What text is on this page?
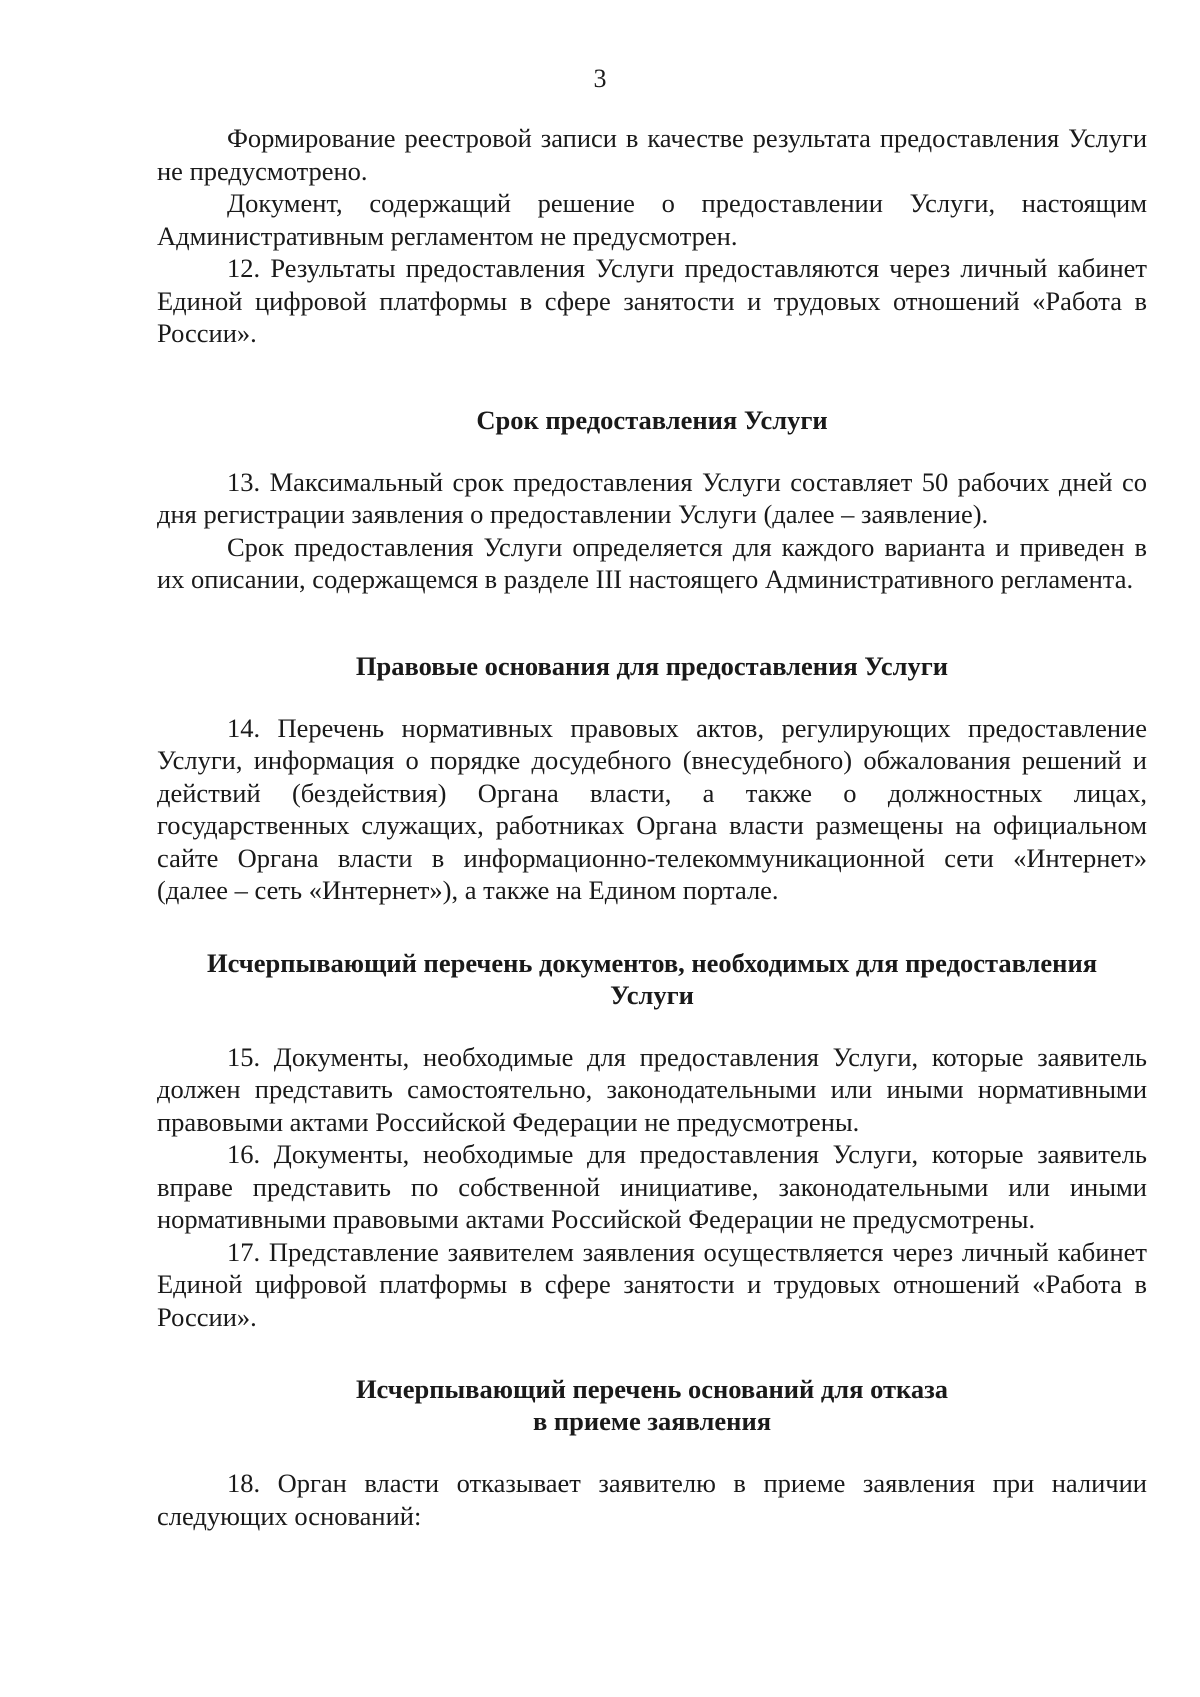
3

Формирование реестровой записи в качестве результата предоставления Услуги не предусмотрено.

Документ, содержащий решение о предоставлении Услуги, настоящим Административным регламентом не предусмотрен.

12. Результаты предоставления Услуги предоставляются через личный кабинет Единой цифровой платформы в сфере занятости и трудовых отношений «Работа в России».

Срок предоставления Услуги

13. Максимальный срок предоставления Услуги составляет 50 рабочих дней со дня регистрации заявления о предоставлении Услуги (далее – заявление).

Срок предоставления Услуги определяется для каждого варианта и приведен в их описании, содержащемся в разделе III настоящего Административного регламента.

Правовые основания для предоставления Услуги

14. Перечень нормативных правовых актов, регулирующих предоставление Услуги, информация о порядке досудебного (внесудебного) обжалования решений и действий (бездействия) Органа власти, а также о должностных лицах, государственных служащих, работниках Органа власти размещены на официальном сайте Органа власти в информационно-телекоммуникационной сети «Интернет» (далее – сеть «Интернет»), а также на Едином портале.

Исчерпывающий перечень документов, необходимых для предоставления

Услуги

15. Документы, необходимые для предоставления Услуги, которые заявитель должен представить самостоятельно, законодательными или иными нормативными правовыми актами Российской Федерации не предусмотрены.

16. Документы, необходимые для предоставления Услуги, которые заявитель вправе представить по собственной инициативе, законодательными или иными нормативными правовыми актами Российской Федерации не предусмотрены.

17. Представление заявителем заявления осуществляется через личный кабинет Единой цифровой платформы в сфере занятости и трудовых отношений «Работа в России».

Исчерпывающий перечень оснований для отказа

в приеме заявления

18. Орган власти отказывает заявителю в приеме заявления при наличии следующих оснований:
